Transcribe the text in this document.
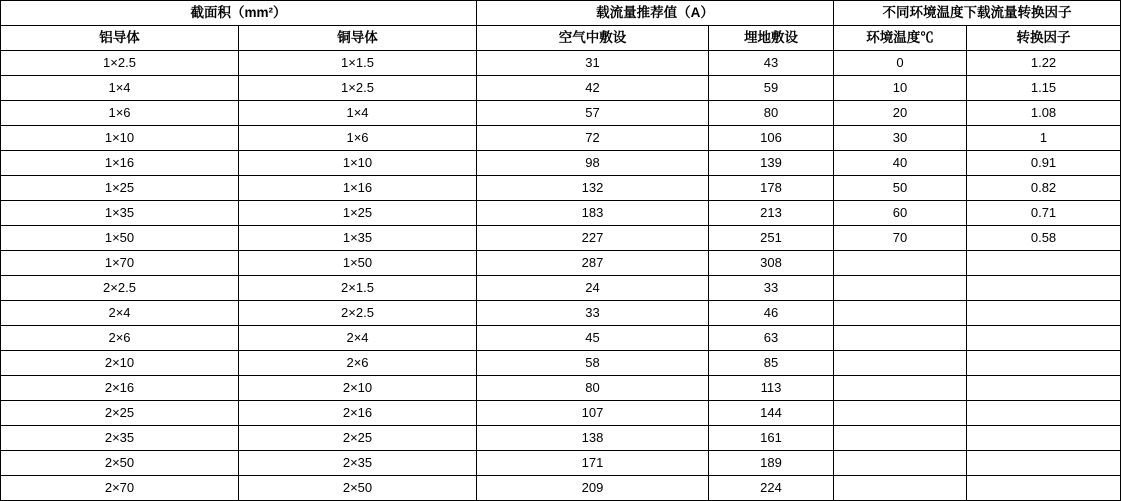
截面积（mm²）		载流量推荐值（A）		不同环境温度下载流量转换因子	
铝导体	铜导体	空气中敷设	埋地敷设	环境温度℃	转换因子
1×2.5	1×1.5	31	43	0	1.22
1×4	1×2.5	42	59	10	1.15
1×6	1×4	57	80	20	1.08
1×10	1×6	72	106	30	1
1×16	1×10	98	139	40	0.91
1×25	1×16	132	178	50	0.82
1×35	1×25	183	213	60	0.71
1×50	1×35	227	251	70	0.58
1×70	1×50	287	308		
2×2.5	2×1.5	24	33		
2×4	2×2.5	33	46		
2×6	2×4	45	63		
2×10	2×6	58	85		
2×16	2×10	80	113		
2×25	2×16	107	144		
2×35	2×25	138	161		
2×50	2×35	171	189		
2×70	2×50	209	224		
